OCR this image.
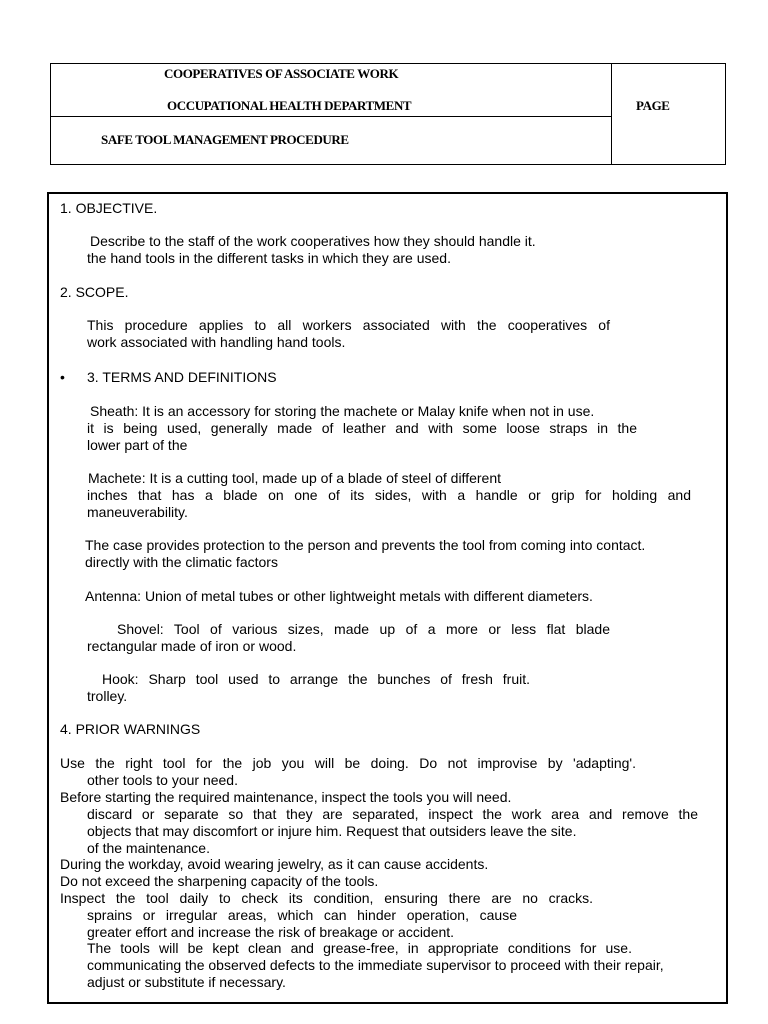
COOPERATIVES OF ASSOCIATE WORK
OCCUPATIONAL HEALTH DEPARTMENT
SAFE TOOL MANAGEMENT PROCEDURE
PAGE
1. OBJECTIVE.
Describe to the staff of the work cooperatives how they should handle it.
the hand tools in the different tasks in which they are used.
2. SCOPE.
This procedure applies to all workers associated with the cooperatives of
work associated with handling hand tools.
• 3. TERMS AND DEFINITIONS
Sheath: It is an accessory for storing the machete or Malay knife when not in use.
it is being used, generally made of leather and with some loose straps in the
lower part of the
Machete: It is a cutting tool, made up of a blade of steel of different
inches that has a blade on one of its sides, with a handle or grip for holding and
maneuverability.
The case provides protection to the person and prevents the tool from coming into contact.
directly with the climatic factors
Antenna: Union of metal tubes or other lightweight metals with different diameters.
Shovel: Tool of various sizes, made up of a more or less flat blade
rectangular made of iron or wood.
Hook: Sharp tool used to arrange the bunches of fresh fruit.
trolley.
4. PRIOR WARNINGS
Use the right tool for the job you will be doing. Do not improvise by 'adapting'.
other tools to your need.
Before starting the required maintenance, inspect the tools you will need.
discard or separate so that they are separated, inspect the work area and remove the
objects that may discomfort or injure him. Request that outsiders leave the site.
of the maintenance.
During the workday, avoid wearing jewelry, as it can cause accidents.
Do not exceed the sharpening capacity of the tools.
Inspect the tool daily to check its condition, ensuring there are no cracks.
sprains or irregular areas, which can hinder operation, cause
greater effort and increase the risk of breakage or accident.
The tools will be kept clean and grease-free, in appropriate conditions for use.
communicating the observed defects to the immediate supervisor to proceed with their repair,
adjust or substitute if necessary.
